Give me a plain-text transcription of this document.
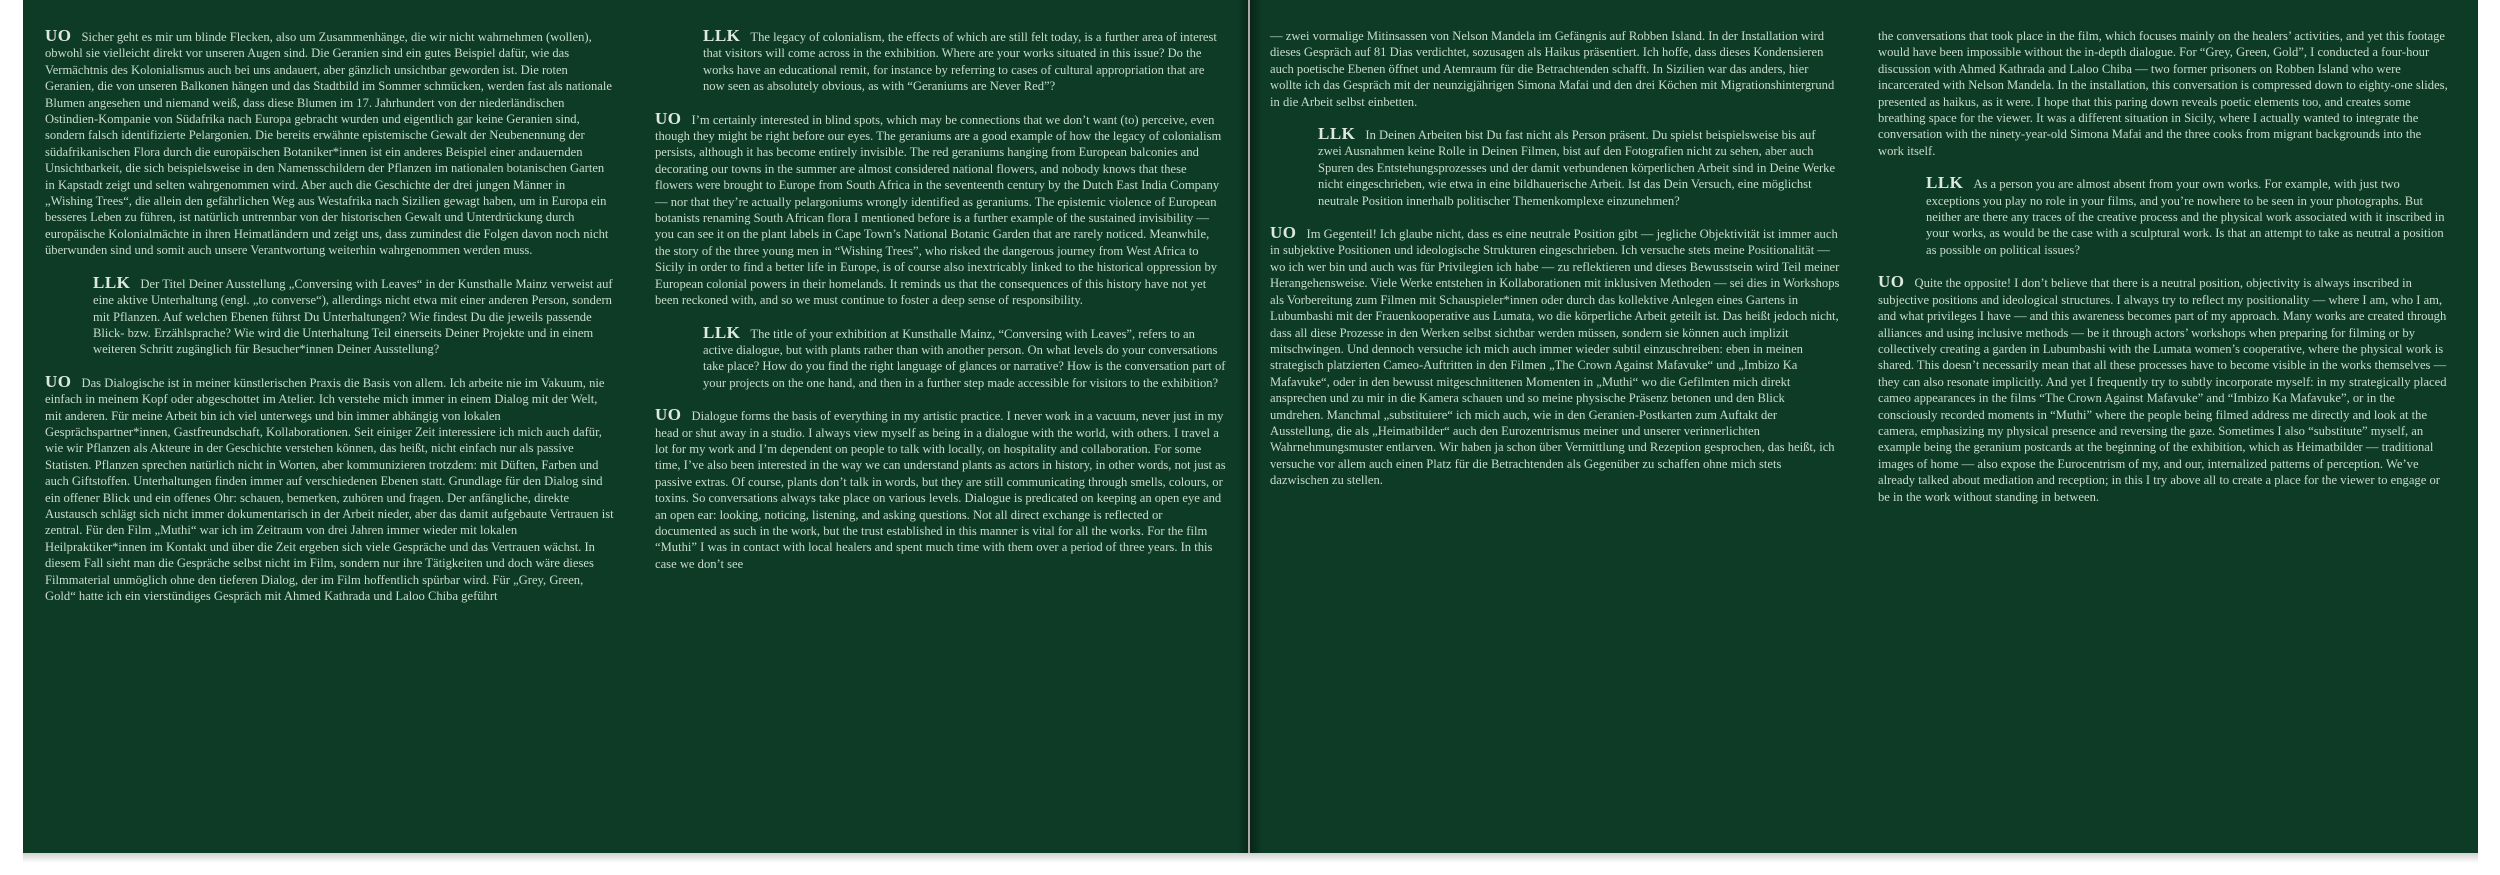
UO Sicher geht es mir um blinde Flecken, also um Zusammenhänge, die wir nicht wahrnehmen (wollen), obwohl sie vielleicht direkt vor unseren Augen sind. Die Geranien sind ein gutes Beispiel dafür, wie das Vermächtnis des Kolonialismus auch bei uns andauert, aber gänzlich unsichtbar geworden ist. Die roten Geranien, die von unseren Balkonen hängen und das Stadtbild im Sommer schmücken, werden fast als nationale Blumen angesehen und niemand weiß, dass diese Blumen im 17. Jahrhundert von der niederländischen Ostindien-Kompanie von Südafrika nach Europa gebracht wurden und eigentlich gar keine Geranien sind, sondern falsch identifizierte Pelargonien. Die bereits erwähnte epistemische Gewalt der Neubenennung der südafrikanischen Flora durch die europäischen Botaniker*innen ist ein anderes Beispiel einer andauernden Unsichtbarkeit, die sich beispielsweise in den Namensschildern der Pflanzen im nationalen botanischen Garten in Kapstadt zeigt und selten wahrgenommen wird. Aber auch die Geschichte der drei jungen Männer in „Wishing Trees“, die allein den gefährlichen Weg aus Westafrika nach Sizilien gewagt haben, um in Europa ein besseres Leben zu führen, ist natürlich untrennbar von der historischen Gewalt und Unterdrückung durch europäische Kolonialmächte in ihren Heimatländern und zeigt uns, dass zumindest die Folgen davon noch nicht überwunden sind und somit auch unsere Verantwortung weiterhin wahrgenommen werden muss.

LLK Der Titel Deiner Ausstellung „Conversing with Leaves“ in der Kunsthalle Mainz verweist auf eine aktive Unterhaltung (engl. „to converse“), allerdings nicht etwa mit einer anderen Person, sondern mit Pflanzen. Auf welchen Ebenen führst Du Unterhaltungen? Wie findest Du die jeweils passende Blick- bzw. Erzählsprache? Wie wird die Unterhaltung Teil einerseits Deiner Projekte und in einem weiteren Schritt zugänglich für Besucher*innen Deiner Ausstellung?

UO Das Dialogische ist in meiner künstlerischen Praxis die Basis von allem. Ich arbeite nie im Vakuum, nie einfach in meinem Kopf oder abgeschottet im Atelier. Ich verstehe mich immer in einem Dialog mit der Welt, mit anderen. Für meine Arbeit bin ich viel unterwegs und bin immer abhängig von lokalen Gesprächspartner*innen, Gastfreundschaft, Kollaborationen. Seit einiger Zeit interessiere ich mich auch dafür, wie wir Pflanzen als Akteure in der Geschichte verstehen können, das heißt, nicht einfach nur als passive Statisten. Pflanzen sprechen natürlich nicht in Worten, aber kommunizieren trotzdem: mit Düften, Farben und auch Giftstoffen. Unterhaltungen finden immer auf verschiedenen Ebenen statt. Grundlage für den Dialog sind ein offener Blick und ein offenes Ohr: schauen, bemerken, zuhören und fragen. Der anfängliche, direkte Austausch schlägt sich nicht immer dokumentarisch in der Arbeit nieder, aber das damit aufgebaute Vertrauen ist zentral. Für den Film „Muthi“ war ich im Zeitraum von drei Jahren immer wieder mit lokalen Heilpraktiker*innen im Kontakt und über die Zeit ergeben sich viele Gespräche und das Vertrauen wächst. In diesem Fall sieht man die Gespräche selbst nicht im Film, sondern nur ihre Tätigkeiten und doch wäre dieses Filmmaterial unmöglich ohne den tieferen Dialog, der im Film hoffentlich spürbar wird. Für „Grey, Green, Gold“ hatte ich ein vierstündiges Gespräch mit Ahmed Kathrada und Laloo Chiba geführt

LLK The legacy of colonialism, the effects of which are still felt today, is a further area of interest that visitors will come across in the exhibition. Where are your works situated in this issue? Do the works have an educational remit, for instance by referring to cases of cultural appropriation that are now seen as absolutely obvious, as with “Geraniums are Never Red”?

UO I’m certainly interested in blind spots, which may be connections that we don’t want (to) perceive, even though they might be right before our eyes. The geraniums are a good example of how the legacy of colonialism persists, although it has become entirely invisible. The red geraniums hanging from European balconies and decorating our towns in the summer are almost considered national flowers, and nobody knows that these flowers were brought to Europe from South Africa in the seventeenth century by the Dutch East India Company — nor that they’re actually pelargoniums wrongly identified as geraniums. The epistemic violence of European botanists renaming South African flora I mentioned before is a further example of the sustained invisibility — you can see it on the plant labels in Cape Town’s National Botanic Garden that are rarely noticed. Meanwhile, the story of the three young men in “Wishing Trees”, who risked the dangerous journey from West Africa to Sicily in order to find a better life in Europe, is of course also inextricably linked to the historical oppression by European colonial powers in their homelands. It reminds us that the consequences of this history have not yet been reckoned with, and so we must continue to foster a deep sense of responsibility.

LLK The title of your exhibition at Kunsthalle Mainz, “Conversing with Leaves”, refers to an active dialogue, but with plants rather than with another person. On what levels do your conversations take place? How do you find the right language of glances or narrative? How is the conversation part of your projects on the one hand, and then in a further step made accessible for visitors to the exhibition?

UO Dialogue forms the basis of everything in my artistic practice. I never work in a vacuum, never just in my head or shut away in a studio. I always view myself as being in a dialogue with the world, with others. I travel a lot for my work and I’m dependent on people to talk with locally, on hospitality and collaboration. For some time, I’ve also been interested in the way we can understand plants as actors in history, in other words, not just as passive extras. Of course, plants don’t talk in words, but they are still communicating through smells, colours, or toxins. So conversations always take place on various levels. Dialogue is predicated on keeping an open eye and an open ear: looking, noticing, listening, and asking questions. Not all direct exchange is reflected or documented as such in the work, but the trust established in this manner is vital for all the works. For the film “Muthi” I was in contact with local healers and spent much time with them over a period of three years. In this case we don’t see

— zwei vormalige Mitinsassen von Nelson Mandela im Gefängnis auf Robben Island. In der Installation wird dieses Gespräch auf 81 Dias verdichtet, sozusagen als Haikus präsentiert. Ich hoffe, dass dieses Kondensieren auch poetische Ebenen öffnet und Atemraum für die Betrachtenden schafft. In Sizilien war das anders, hier wollte ich das Gespräch mit der neunzigjährigen Simona Mafai und den drei Köchen mit Migrationshintergrund in die Arbeit selbst einbetten.

LLK In Deinen Arbeiten bist Du fast nicht als Person präsent. Du spielst beispielsweise bis auf zwei Ausnahmen keine Rolle in Deinen Filmen, bist auf den Fotografien nicht zu sehen, aber auch Spuren des Entstehungsprozesses und der damit verbundenen körperlichen Arbeit sind in Deine Werke nicht eingeschrieben, wie etwa in eine bildhauerische Arbeit. Ist das Dein Versuch, eine möglichst neutrale Position innerhalb politischer Themenkomplexe einzunehmen?

UO Im Gegenteil! Ich glaube nicht, dass es eine neutrale Position gibt — jegliche Objektivität ist immer auch in subjektive Positionen und ideologische Strukturen eingeschrieben. Ich versuche stets meine Positionalität — wo ich wer bin und auch was für Privilegien ich habe — zu reflektieren und dieses Bewusstsein wird Teil meiner Herangehensweise. Viele Werke entstehen in Kollaborationen mit inklusiven Methoden — sei dies in Workshops als Vorbereitung zum Filmen mit Schauspieler*innen oder durch das kollektive Anlegen eines Gartens in Lubumbashi mit der Frauenkooperative aus Lumata, wo die körperliche Arbeit geteilt ist. Das heißt jedoch nicht, dass all diese Prozesse in den Werken selbst sichtbar werden müssen, sondern sie können auch implizit mitschwingen. Und dennoch versuche ich mich auch immer wieder subtil einzuschreiben: eben in meinen strategisch platzierten Cameo-Auftritten in den Filmen „The Crown Against Mafavuke“ und „Imbizo Ka Mafavuke“, oder in den bewusst mitgeschnittenen Momenten in „Muthi“ wo die Gefilmten mich direkt ansprechen und zu mir in die Kamera schauen und so meine physische Präsenz betonen und den Blick umdrehen. Manchmal „substituiere“ ich mich auch, wie in den Geranien-Postkarten zum Auftakt der Ausstellung, die als „Heimatbilder“ auch den Eurozentrismus meiner und unserer verinnerlichten Wahrnehmungsmuster entlarven. Wir haben ja schon über Vermittlung und Rezeption gesprochen, das heißt, ich versuche vor allem auch einen Platz für die Betrachtenden als Gegenüber zu schaffen ohne mich stets dazwischen zu stellen.

the conversations that took place in the film, which focuses mainly on the healers’ activities, and yet this footage would have been impossible without the in-depth dialogue. For “Grey, Green, Gold”, I conducted a four-hour discussion with Ahmed Kathrada and Laloo Chiba — two former prisoners on Robben Island who were incarcerated with Nelson Mandela. In the installation, this conversation is compressed down to eighty-one slides, presented as haikus, as it were. I hope that this paring down reveals poetic elements too, and creates some breathing space for the viewer. It was a different situation in Sicily, where I actually wanted to integrate the conversation with the ninety-year-old Simona Mafai and the three cooks from migrant backgrounds into the work itself.

LLK As a person you are almost absent from your own works. For example, with just two exceptions you play no role in your films, and you’re nowhere to be seen in your photographs. But neither are there any traces of the creative process and the physical work associated with it inscribed in your works, as would be the case with a sculptural work. Is that an attempt to take as neutral a position as possible on political issues?

UO Quite the opposite! I don’t believe that there is a neutral position, objectivity is always inscribed in subjective positions and ideological structures. I always try to reflect my positionality — where I am, who I am, and what privileges I have — and this awareness becomes part of my approach. Many works are created through alliances and using inclusive methods — be it through actors’ workshops when preparing for filming or by collectively creating a garden in Lubumbashi with the Lumata women’s cooperative, where the physical work is shared. This doesn’t necessarily mean that all these processes have to become visible in the works themselves — they can also resonate implicitly. And yet I frequently try to subtly incorporate myself: in my strategically placed cameo appearances in the films “The Crown Against Mafavuke” and “Imbizo Ka Mafavuke”, or in the consciously recorded moments in “Muthi” where the people being filmed address me directly and look at the camera, emphasizing my physical presence and reversing the gaze. Sometimes I also “substitute” myself, an example being the geranium postcards at the beginning of the exhibition, which as Heimatbilder — traditional images of home — also expose the Eurocentrism of my, and our, internalized patterns of perception. We’ve already talked about mediation and reception; in this I try above all to create a place for the viewer to engage or be in the work without standing in between.
